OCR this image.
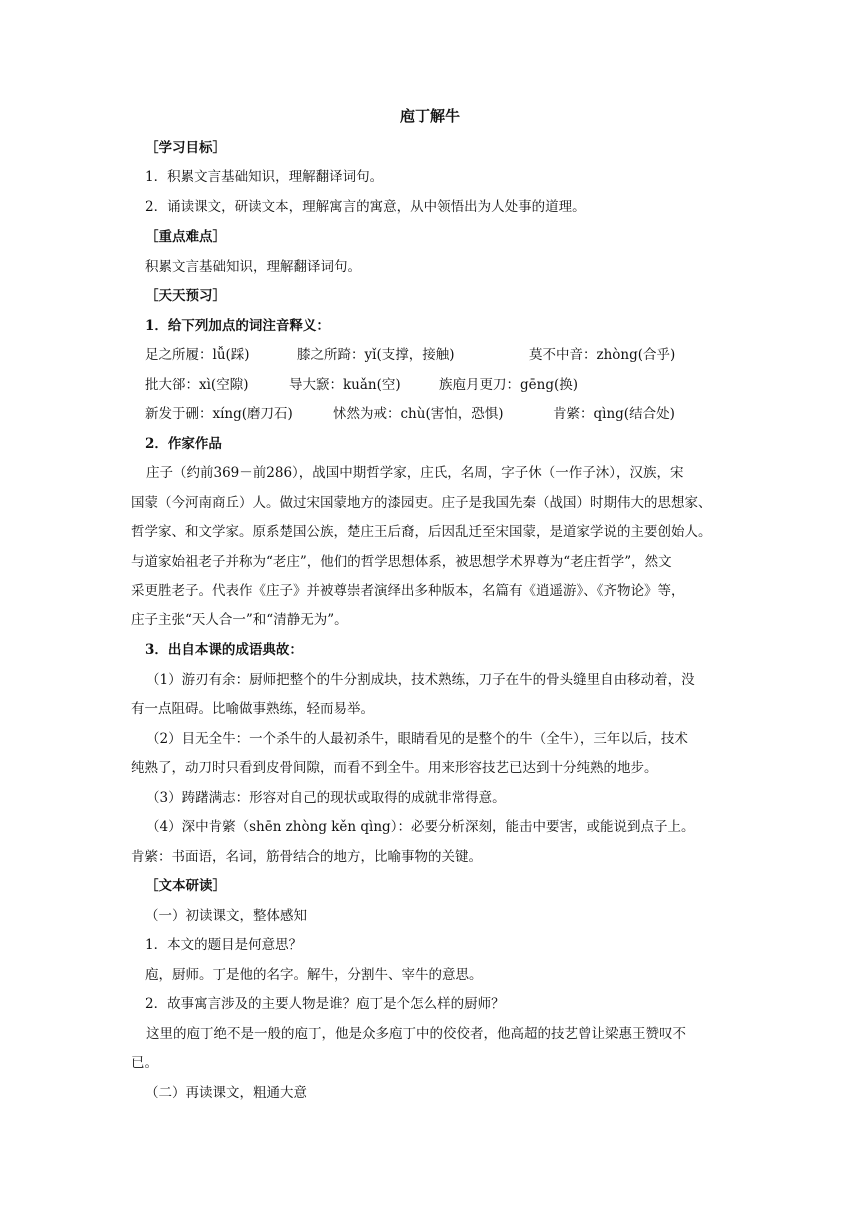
庖丁解牛
［学习目标］
1．积累文言基础知识，理解翻译词句。
2．诵读课文，研读文本，理解寓言的寓意，从中领悟出为人处事的道理。
［重点难点］
积累文言基础知识，理解翻译词句。
［天天预习］
1．给下列加点的词注音释义：
足之所履：lǚ(踩)	膝之所踦：yǐ(支撑，接触)	莫不中音：zhòng(合乎)
批大郤：xì(空隙)	导大窾：kuǎn(空)	族庖月更刀：gēng(换)
新发于硎：xíng(磨刀石)	怵然为戒：chù(害怕，恐惧)	肯綮：qìng(结合处)
2．作家作品
庄子（约前369－前286），战国中期哲学家，庄氏，名周，字子休（一作子沐），汉族，宋
国蒙（今河南商丘）人。做过宋国蒙地方的漆园吏。庄子是我国先秦（战国）时期伟大的思想家、
哲学家、和文学家。原系楚国公族，楚庄王后裔，后因乱迁至宋国蒙，是道家学说的主要创始人。
与道家始祖老子并称为“老庄”，他们的哲学思想体系，被思想学术界尊为“老庄哲学”，然文
采更胜老子。代表作《庄子》并被尊崇者演绎出多种版本，名篇有《逍遥游》、《齐物论》等，
庄子主张“天人合一”和“清静无为”。
3．出自本课的成语典故：
（1）游刃有余：厨师把整个的牛分割成块，技术熟练，刀子在牛的骨头缝里自由移动着，没
有一点阻碍。比喻做事熟练，轻而易举。
（2）目无全牛：一个杀牛的人最初杀牛，眼睛看见的是整个的牛（全牛），三年以后，技术
纯熟了，动刀时只看到皮骨间隙，而看不到全牛。用来形容技艺已达到十分纯熟的地步。
（3）踌躇满志：形容对自己的现状或取得的成就非常得意。
（4）深中肯綮（shēn zhòng kěn qìng）：必要分析深刻，能击中要害，或能说到点子上。
肯綮：书面语，名词，筋骨结合的地方，比喻事物的关键。
［文本研读］
（一）初读课文，整体感知
1．本文的题目是何意思？
庖，厨师。丁是他的名字。解牛，分割牛、宰牛的意思。
2．故事寓言涉及的主要人物是谁？庖丁是个怎么样的厨师？
这里的庖丁绝不是一般的庖丁，他是众多庖丁中的佼佼者，他高超的技艺曾让梁惠王赞叹不
已。
（二）再读课文，粗通大意
